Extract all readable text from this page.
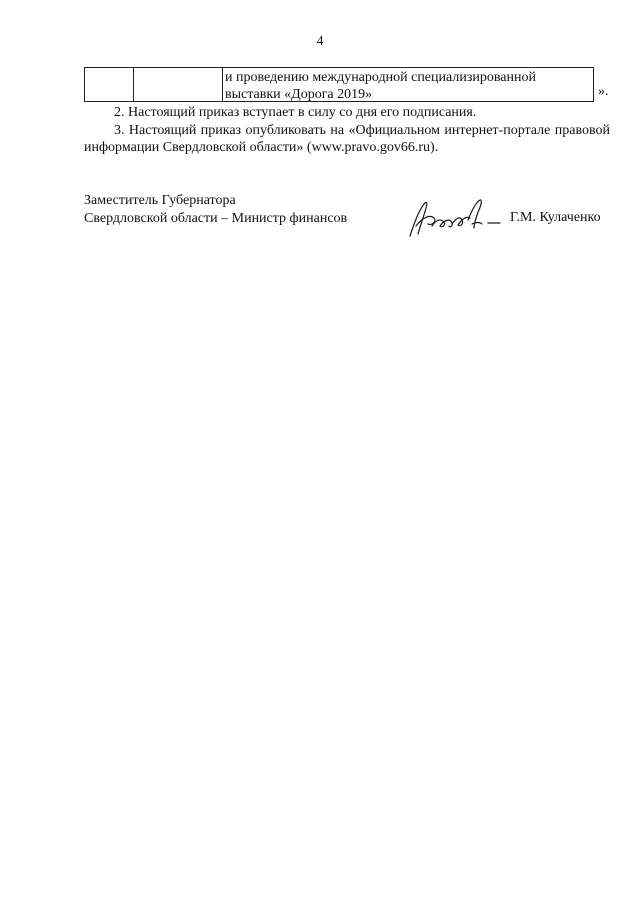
4
и проведению международной специализированной
выставки «Дорога 2019»	».
2. Настоящий приказ вступает в силу со дня его подписания.
3. Настоящий приказ опубликовать на «Официальном интернет-портале правовой информации Свердловской области» (www.pravo.gov66.ru).
Заместитель Губернатора
Свердловской области – Министр финансов	Г.М. Кулаченко
